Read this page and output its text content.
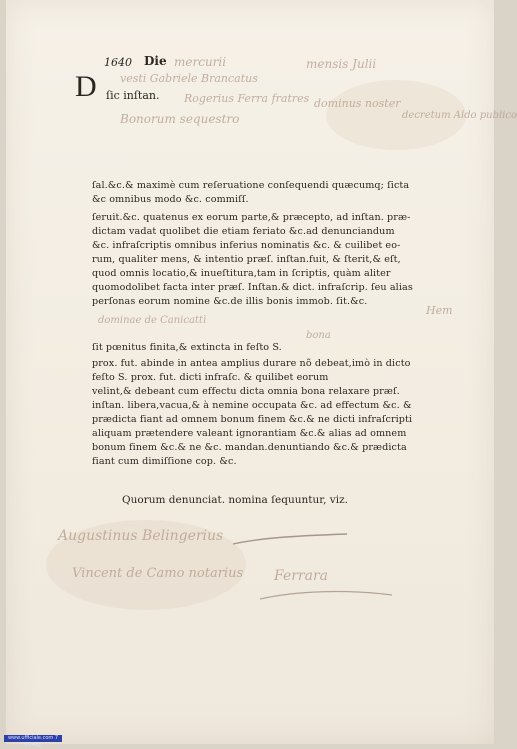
1640 Die
D ſic inſtan.
mercurii	mensis Julii
vesti Gabriele Brancatus
Rogerius Ferra fratres dominus noster
decretum Aldo publico
Bonorum sequestro
ſal.&c.& maximè cum reſeruatione conſequendi quæcumq; ſicta
&c omnibus modo &c. commiſſ.
ſeruit.&c. quatenus ex eorum parte,& præcepto, ad inſtan. præ-
dictam vadat quolibet die etiam feriato &c.ad denunciandum
&c. infraſcriptis omnibus inferius nominatis &c. & cuilibet eo-
rum, qualiter mens, & intentio præſ. inſtan.fuit, & ſterit,& eſt,
quod omnis locatio,& inueſtitura,tam in ſcriptis, quàm aliter
quomodolibet facta inter præſ. Inſtan.& dict. infraſcrip. ſeu alias
perſonas eorum nomine &c.de illis bonis immob. ſit.&c.
dominae de Canicattì
Hem
bona
ſit pœnitus finita,& extincta in feſto S.
prox. fut. abinde in antea amplius durare nõ debeat,imò in dicto
feſto S. prox. fut. dicti infraſc. & quilibet eorum
velint,& debeant cum effectu dicta omnia bona relaxare præſ.
inſtan. libera,vacua,& à nemine occupata &c. ad effectum &c. &
prædicta fiant ad omnem bonum finem &c.& ne dicti infraſcripti
aliquam prætendere valeant ignorantiam &c.& alias ad omnem
bonum finem &c.& ne &c. mandan.denuntiando &c.& prædicta
fiant cum dimiſſione cop. &c.
Quorum denunciat. nomina ſequuntur, viz.
Augustinus Belingerius
Vincent de Camo notarius Ferrara
www.ufficiale.com 7 #2431
